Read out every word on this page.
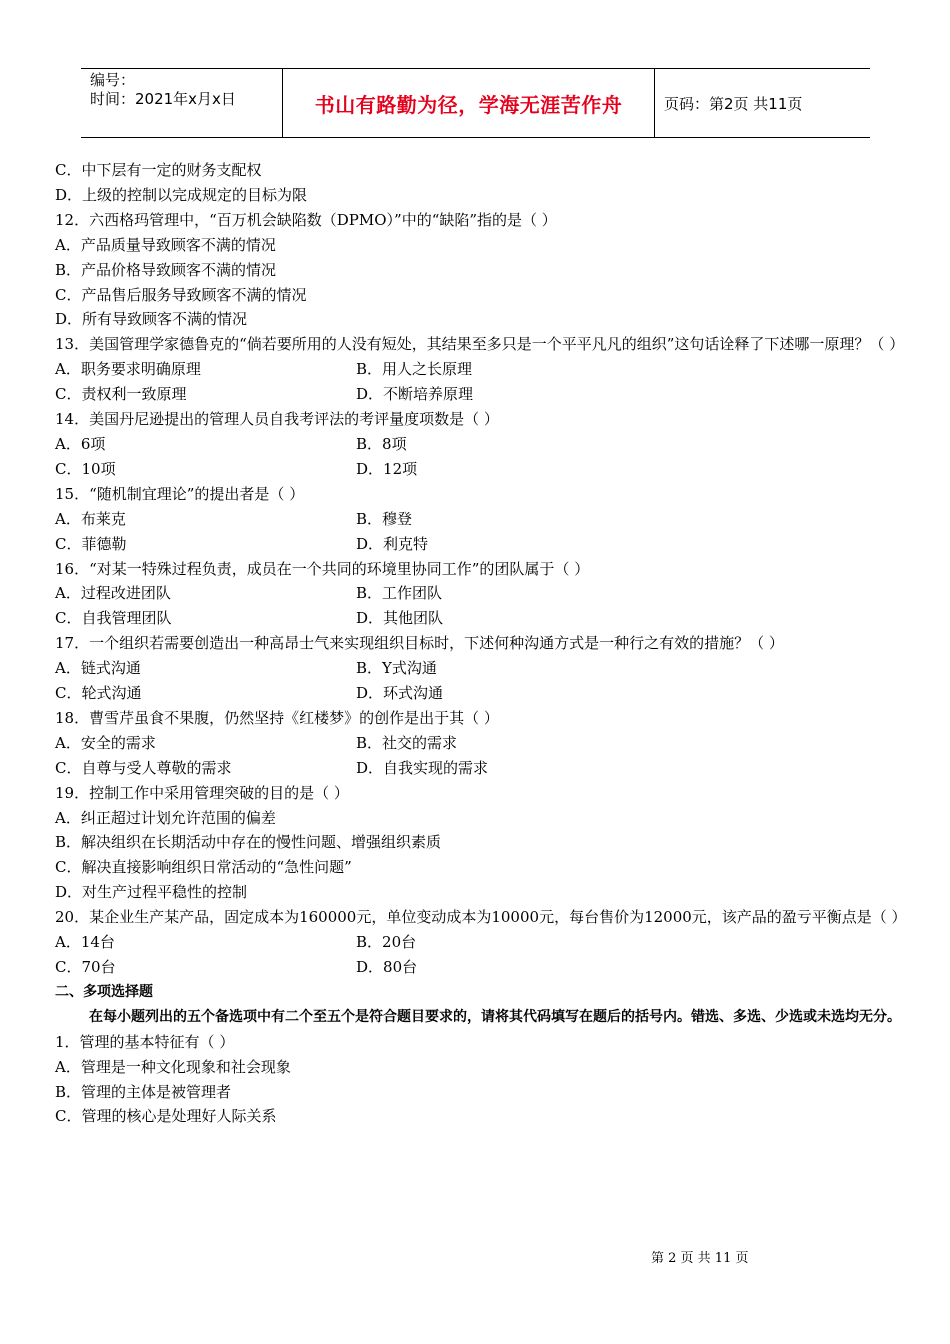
编号：
时间：2021年x月x日	书山有路勤为径，学海无涯苦作舟	页码：第2页 共11页
C．中下层有一定的财务支配权
D．上级的控制以完成规定的目标为限
12．六西格玛管理中，“百万机会缺陷数（DPMO）”中的“缺陷”指的是（ ）
A．产品质量导致顾客不满的情况
B．产品价格导致顾客不满的情况
C．产品售后服务导致顾客不满的情况
D．所有导致顾客不满的情况
13．美国管理学家德鲁克的“倘若要所用的人没有短处，其结果至多只是一个平平凡凡的组织”这句话诠释了下述哪一原理？（ ）
A．职务要求明确原理	B．用人之长原理
C．责权利一致原理	D．不断培养原理
14．美国丹尼逊提出的管理人员自我考评法的考评量度项数是（ ）
A．6项	B．8项
C．10项	D．12项
15．“随机制宜理论”的提出者是（ ）
A．布莱克	B．穆登
C．菲德勒	D．利克特
16．“对某一特殊过程负责，成员在一个共同的环境里协同工作”的团队属于（ ）
A．过程改进团队	B．工作团队
C．自我管理团队	D．其他团队
17．一个组织若需要创造出一种高昂士气来实现组织目标时，下述何种沟通方式是一种行之有效的措施？（ ）
A．链式沟通	B．Y式沟通
C．轮式沟通	D．环式沟通
18．曹雪芹虽食不果腹，仍然坚持《红楼梦》的创作是出于其（ ）
A．安全的需求	B．社交的需求
C．自尊与受人尊敬的需求	D．自我实现的需求
19．控制工作中采用管理突破的目的是（ ）
A．纠正超过计划允许范围的偏差
B．解决组织在长期活动中存在的慢性问题、增强组织素质
C．解决直接影响组织日常活动的“急性问题”
D．对生产过程平稳性的控制
20．某企业生产某产品，固定成本为160000元，单位变动成本为10000元，每台售价为12000元，该产品的盈亏平衡点是（ ）
A．14台	B．20台
C．70台	D．80台
二、多项选择题
在每小题列出的五个备选项中有二个至五个是符合题目要求的，请将其代码填写在题后的括号内。错选、多选、少选或未选均无分。
1．管理的基本特征有（ ）
A．管理是一种文化现象和社会现象
B．管理的主体是被管理者
C．管理的核心是处理好人际关系
第 2 页 共 11 页
